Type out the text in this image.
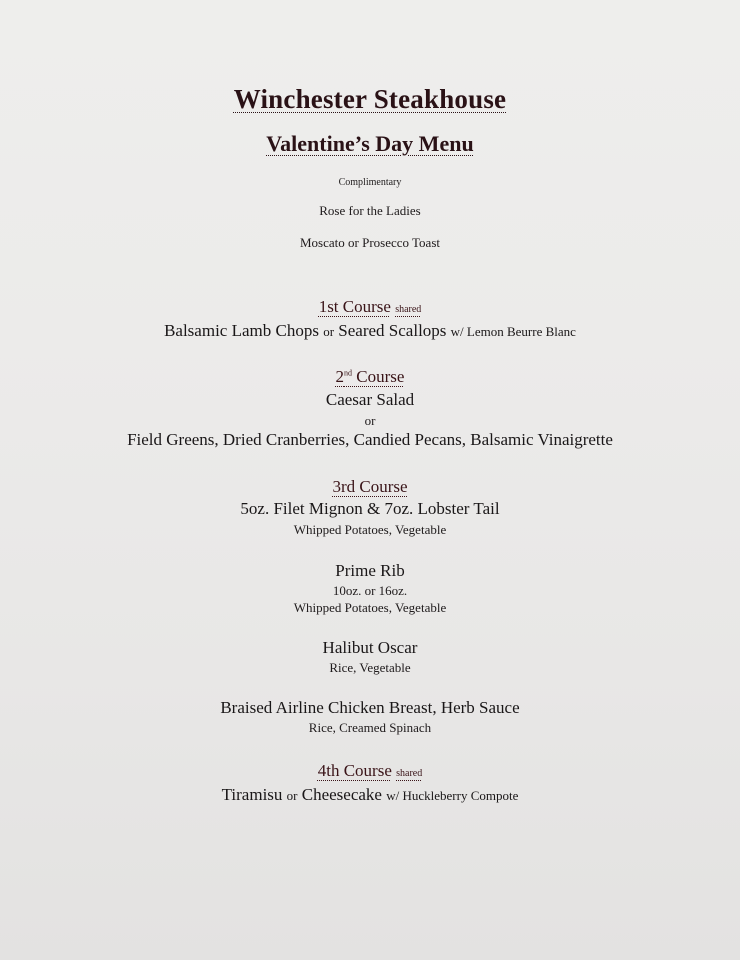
Winchester Steakhouse
Valentine’s Day Menu
Complimentary
Rose for the Ladies
Moscato or Prosecco Toast
1st Course shared
Balsamic Lamb Chops or Seared Scallops w/ Lemon Beurre Blanc
2nd Course
Caesar Salad
or
Field Greens, Dried Cranberries, Candied Pecans, Balsamic Vinaigrette
3rd Course
5oz. Filet Mignon & 7oz. Lobster Tail
Whipped Potatoes, Vegetable
Prime Rib
10oz. or 16oz.
Whipped Potatoes, Vegetable
Halibut Oscar
Rice, Vegetable
Braised Airline Chicken Breast, Herb Sauce
Rice, Creamed Spinach
4th Course shared
Tiramisu or Cheesecake w/ Huckleberry Compote
